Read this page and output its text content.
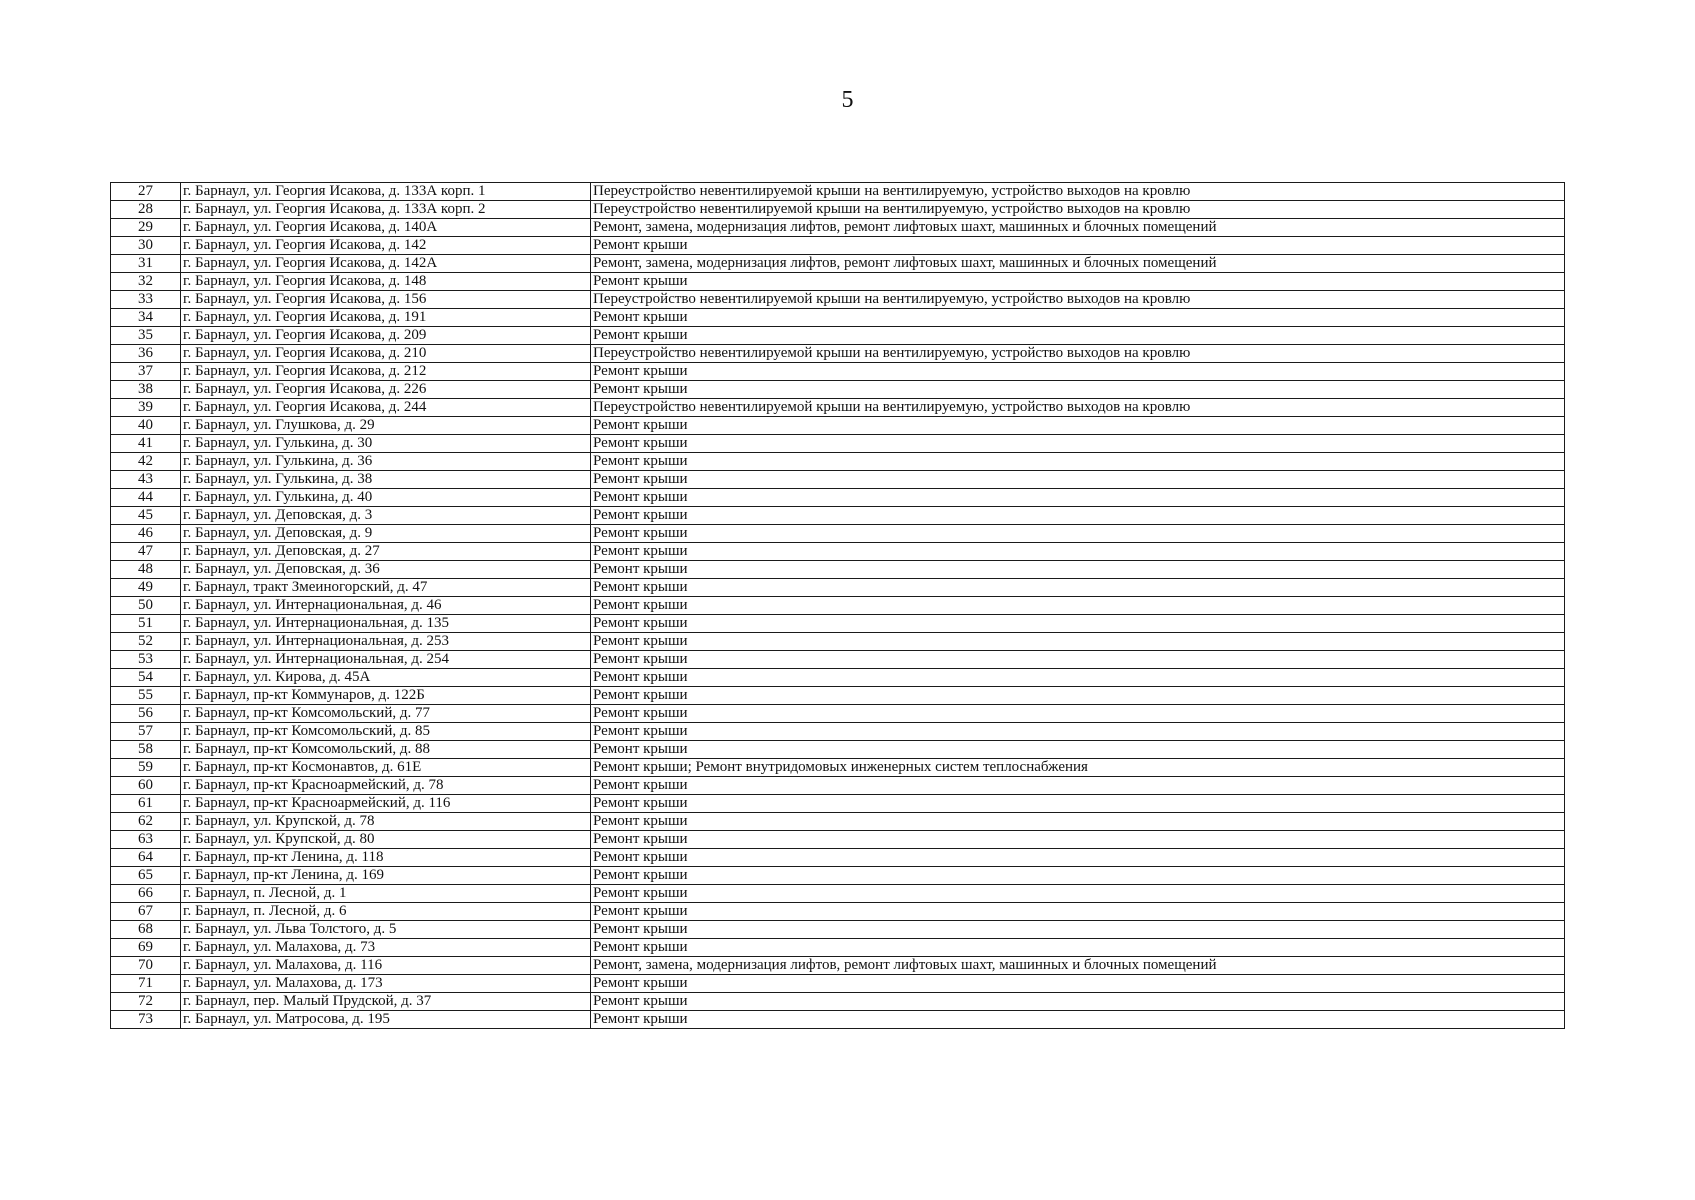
5
27	г. Барнаул, ул. Георгия Исакова, д. 133А корп. 1	Переустройство невентилируемой крыши на вентилируемую, устройство выходов на кровлю
28	г. Барнаул, ул. Георгия Исакова, д. 133А корп. 2	Переустройство невентилируемой крыши на вентилируемую, устройство выходов на кровлю
29	г. Барнаул, ул. Георгия Исакова, д. 140А	Ремонт, замена, модернизация лифтов, ремонт лифтовых шахт, машинных и блочных помещений
30	г. Барнаул, ул. Георгия Исакова, д. 142	Ремонт крыши
31	г. Барнаул, ул. Георгия Исакова, д. 142А	Ремонт, замена, модернизация лифтов, ремонт лифтовых шахт, машинных и блочных помещений
32	г. Барнаул, ул. Георгия Исакова, д. 148	Ремонт крыши
33	г. Барнаул, ул. Георгия Исакова, д. 156	Переустройство невентилируемой крыши на вентилируемую, устройство выходов на кровлю
34	г. Барнаул, ул. Георгия Исакова, д. 191	Ремонт крыши
35	г. Барнаул, ул. Георгия Исакова, д. 209	Ремонт крыши
36	г. Барнаул, ул. Георгия Исакова, д. 210	Переустройство невентилируемой крыши на вентилируемую, устройство выходов на кровлю
37	г. Барнаул, ул. Георгия Исакова, д. 212	Ремонт крыши
38	г. Барнаул, ул. Георгия Исакова, д. 226	Ремонт крыши
39	г. Барнаул, ул. Георгия Исакова, д. 244	Переустройство невентилируемой крыши на вентилируемую, устройство выходов на кровлю
40	г. Барнаул, ул. Глушкова, д. 29	Ремонт крыши
41	г. Барнаул, ул. Гулькина, д. 30	Ремонт крыши
42	г. Барнаул, ул. Гулькина, д. 36	Ремонт крыши
43	г. Барнаул, ул. Гулькина, д. 38	Ремонт крыши
44	г. Барнаул, ул. Гулькина, д. 40	Ремонт крыши
45	г. Барнаул, ул. Деповская, д. 3	Ремонт крыши
46	г. Барнаул, ул. Деповская, д. 9	Ремонт крыши
47	г. Барнаул, ул. Деповская, д. 27	Ремонт крыши
48	г. Барнаул, ул. Деповская, д. 36	Ремонт крыши
49	г. Барнаул, тракт Змеиногорский, д. 47	Ремонт крыши
50	г. Барнаул, ул. Интернациональная, д. 46	Ремонт крыши
51	г. Барнаул, ул. Интернациональная, д. 135	Ремонт крыши
52	г. Барнаул, ул. Интернациональная, д. 253	Ремонт крыши
53	г. Барнаул, ул. Интернациональная, д. 254	Ремонт крыши
54	г. Барнаул, ул. Кирова, д. 45А	Ремонт крыши
55	г. Барнаул, пр-кт Коммунаров, д. 122Б	Ремонт крыши
56	г. Барнаул, пр-кт Комсомольский, д. 77	Ремонт крыши
57	г. Барнаул, пр-кт Комсомольский, д. 85	Ремонт крыши
58	г. Барнаул, пр-кт Комсомольский, д. 88	Ремонт крыши
59	г. Барнаул, пр-кт Космонавтов, д. 61Е	Ремонт крыши; Ремонт внутридомовых инженерных систем теплоснабжения
60	г. Барнаул, пр-кт Красноармейский, д. 78	Ремонт крыши
61	г. Барнаул, пр-кт Красноармейский, д. 116	Ремонт крыши
62	г. Барнаул, ул. Крупской, д. 78	Ремонт крыши
63	г. Барнаул, ул. Крупской, д. 80	Ремонт крыши
64	г. Барнаул, пр-кт Ленина, д. 118	Ремонт крыши
65	г. Барнаул, пр-кт Ленина, д. 169	Ремонт крыши
66	г. Барнаул, п. Лесной, д. 1	Ремонт крыши
67	г. Барнаул, п. Лесной, д. 6	Ремонт крыши
68	г. Барнаул, ул. Льва Толстого, д. 5	Ремонт крыши
69	г. Барнаул, ул. Малахова, д. 73	Ремонт крыши
70	г. Барнаул, ул. Малахова, д. 116	Ремонт, замена, модернизация лифтов, ремонт лифтовых шахт, машинных и блочных помещений
71	г. Барнаул, ул. Малахова, д. 173	Ремонт крыши
72	г. Барнаул, пер. Малый Прудской, д. 37	Ремонт крыши
73	г. Барнаул, ул. Матросова, д. 195	Ремонт крыши
